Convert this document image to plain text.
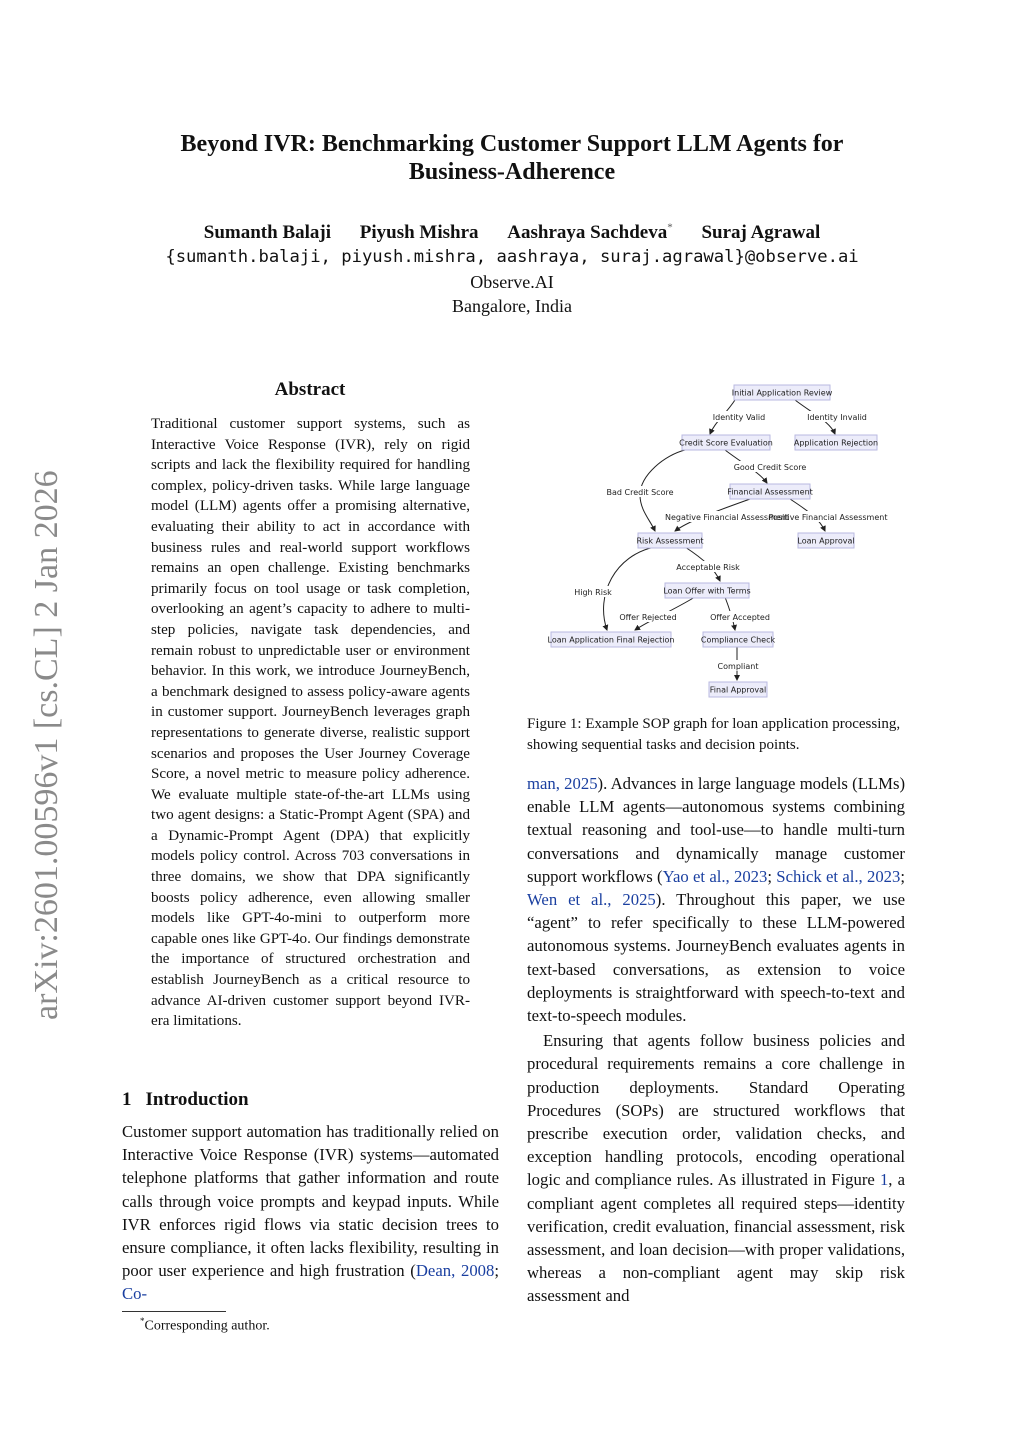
arXiv:2601.00596v1 [cs.CL] 2 Jan 2026
Beyond IVR: Benchmarking Customer Support LLM Agents for
Business-Adherence
Sumanth Balaji Piyush Mishra Aashraya Sachdeva* Suraj Agrawal
{sumanth.balaji, piyush.mishra, aashraya, suraj.agrawal}@observe.ai
Observe.AI
Bangalore, India
Abstract
Traditional customer support systems, such as Interactive Voice Response (IVR), rely on rigid scripts and lack the flexibility required for handling complex, policy-driven tasks. While large language model (LLM) agents offer a promising alternative, evaluating their ability to act in accordance with business rules and real-world support workflows remains an open challenge. Existing benchmarks primarily focus on tool usage or task completion, overlooking an agent’s capacity to adhere to multi-step policies, navigate task dependencies, and remain robust to unpredictable user or environment behavior. In this work, we introduce JourneyBench, a benchmark designed to assess policy-aware agents in customer support. JourneyBench leverages graph representations to generate diverse, realistic support scenarios and proposes the User Journey Coverage Score, a novel metric to measure policy adherence. We evaluate multiple state-of-the-art LLMs using two agent designs: a Static-Prompt Agent (SPA) and a Dynamic-Prompt Agent (DPA) that explicitly models policy control. Across 703 conversations in three domains, we show that DPA significantly boosts policy adherence, even allowing smaller models like GPT-4o-mini to outperform more capable ones like GPT-4o. Our findings demonstrate the importance of structured orchestration and establish JourneyBench as a critical resource to advance AI-driven customer support beyond IVR-era limitations.
1 Introduction
Customer support automation has traditionally relied on Interactive Voice Response (IVR) systems—automated telephone platforms that gather information and route calls through voice prompts and keypad inputs. While IVR enforces rigid flows via static decision trees to ensure compliance, it often lacks flexibility, resulting in poor user experience and high frustration (Dean, 2008; Co-
*Corresponding author.
Identity Valid	Identity Invalid
Good Credit Score
Bad Credit Score
Negative Financial Assessment
Positive Financial Assessment
Acceptable Risk
High Risk
Offer Rejected	Offer Accepted
Compliant
Initial Application Review
Credit Score Evaluation	Application Rejection
Financial Assessment
Risk Assessment	Loan Approval
Loan Offer with Terms
Loan Application Final Rejection	Compliance Check
Final Approval
Figure 1: Example SOP graph for loan application processing, showing sequential tasks and decision points.

man, 2025). Advances in large language models (LLMs) enable LLM agents—autonomous systems combining textual reasoning and tool-use—to handle multi-turn conversations and dynamically manage customer support workflows (Yao et al., 2023; Schick et al., 2023; Wen et al., 2025). Throughout this paper, we use “agent” to refer specifically to these LLM-powered autonomous systems. JourneyBench evaluates agents in text-based conversations, as extension to voice deployments is straightforward with speech-to-text and text-to-speech modules.

Ensuring that agents follow business policies and procedural requirements remains a core challenge in production deployments. Standard Operating Procedures (SOPs) are structured workflows that prescribe execution order, validation checks, and exception handling protocols, encoding operational logic and compliance rules. As illustrated in Figure 1, a compliant agent completes all required steps—identity verification, credit evaluation, financial assessment, risk assessment, and loan decision—with proper validations, whereas a non-compliant agent may skip risk assessment and
